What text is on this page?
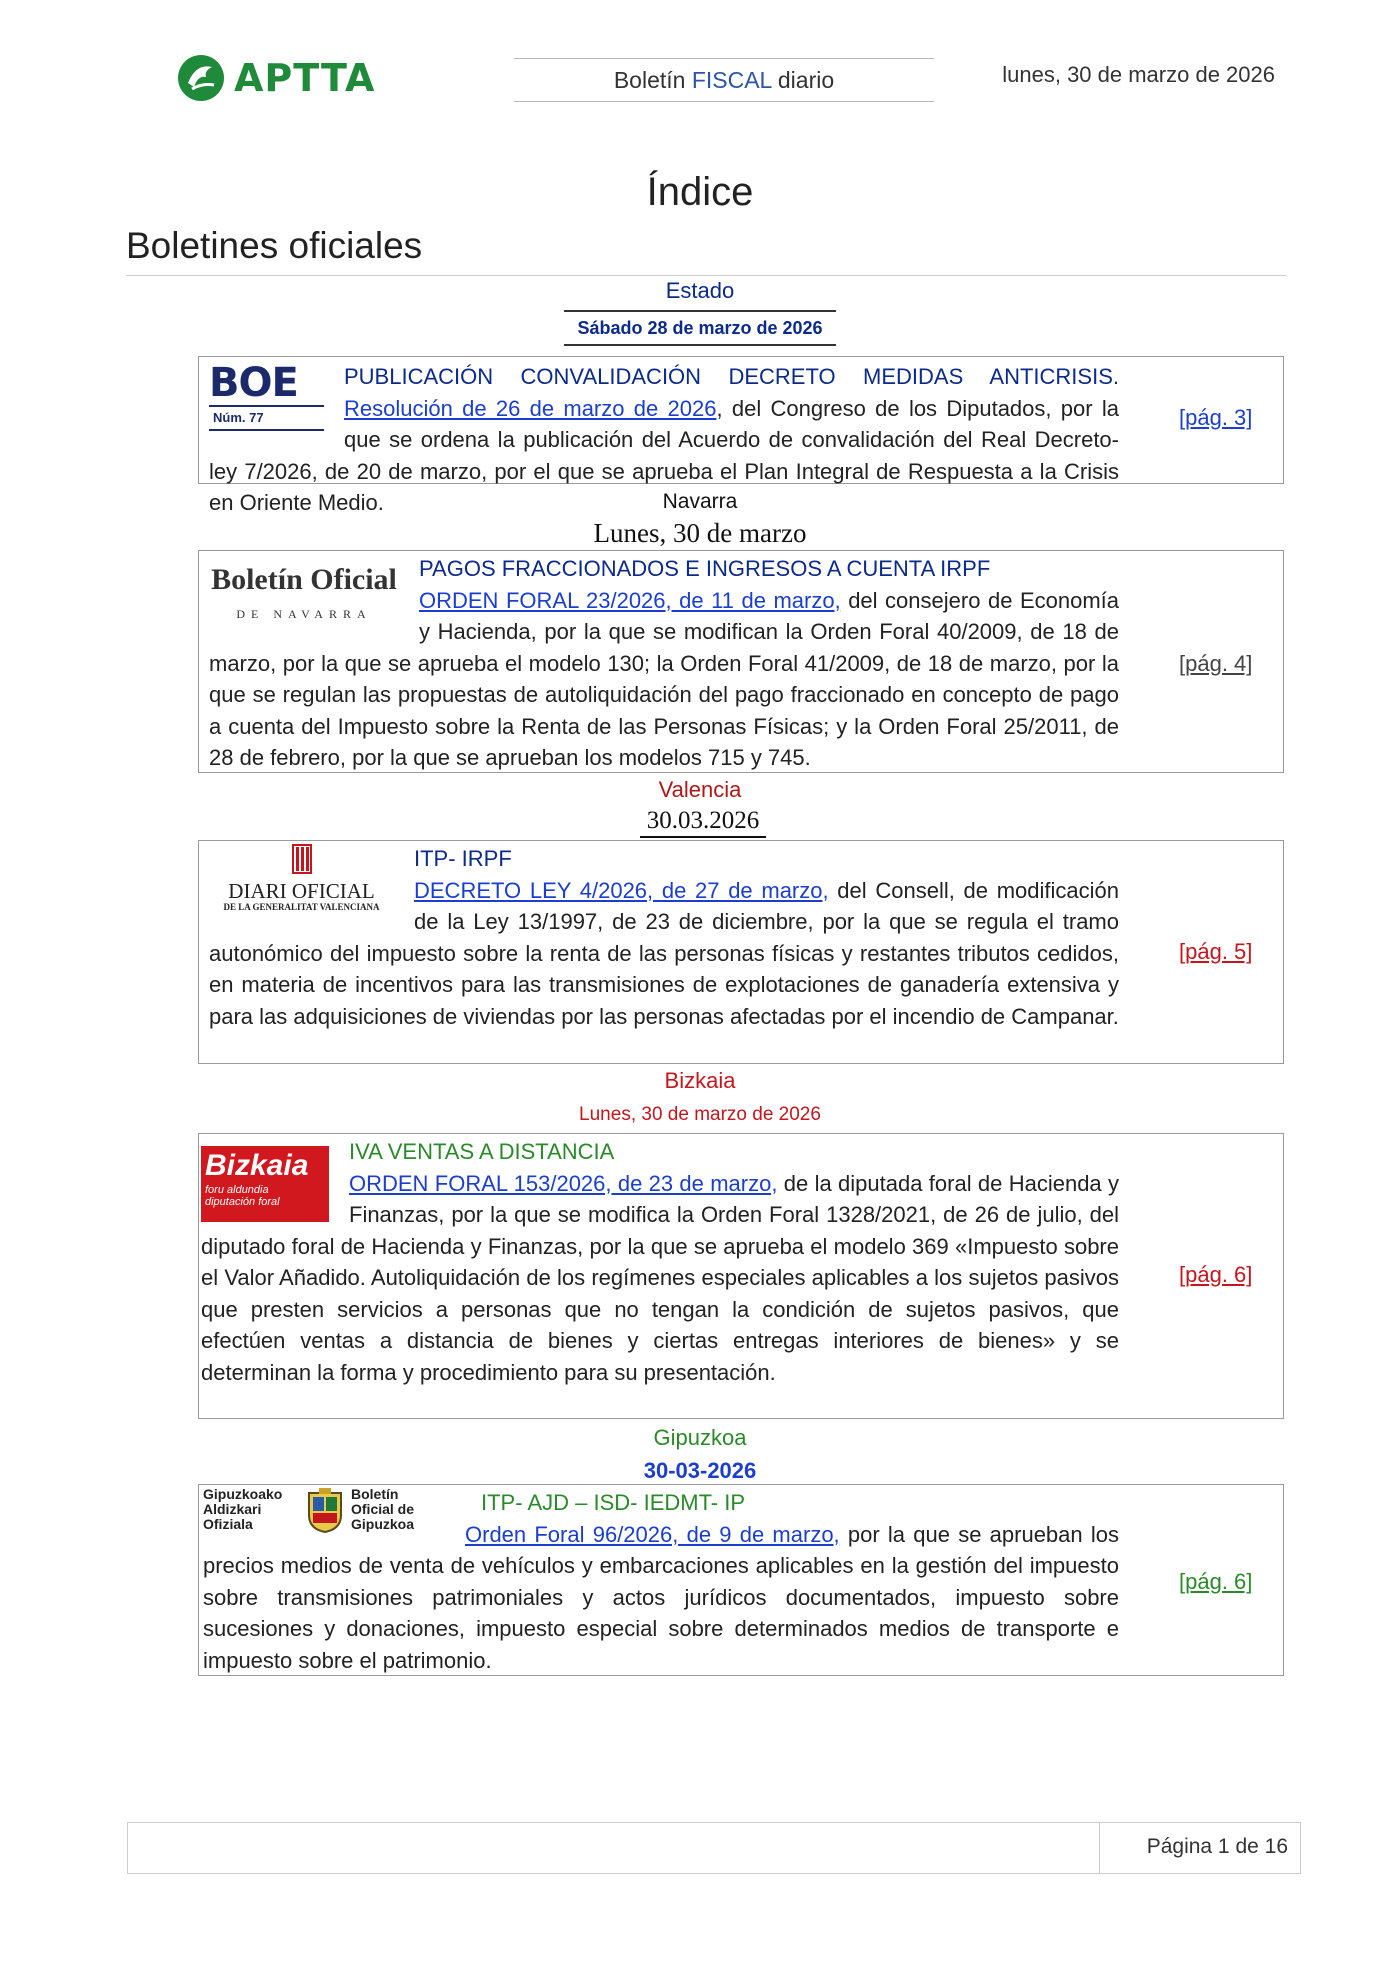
APTTA	Boletín FISCAL diario	lunes, 30 de marzo de 2026
Índice
Boletines oficiales
Estado
Sábado 28 de marzo de 2026
BOE
Núm. 77
PUBLICACIÓN CONVALIDACIÓN DECRETO MEDIDAS ANTICRISIS. Resolución de 26 de marzo de 2026, del Congreso de los Diputados, por la que se ordena la publicación del Acuerdo de convalidación del Real Decreto-ley 7/2026, de 20 de marzo, por el que se aprueba el Plan Integral de Respuesta a la Crisis en Oriente Medio.
[pág. 3]
Navarra
Lunes, 30 de marzo
Boletín Oficial
DE NAVARRA
PAGOS FRACCIONADOS E INGRESOS A CUENTA IRPF
ORDEN FORAL 23/2026, de 11 de marzo, del consejero de Economía y Hacienda, por la que se modifican la Orden Foral 40/2009, de 18 de marzo, por la que se aprueba el modelo 130; la Orden Foral 41/2009, de 18 de marzo, por la que se regulan las propuestas de autoliquidación del pago fraccionado en concepto de pago a cuenta del Impuesto sobre la Renta de las Personas Físicas; y la Orden Foral 25/2011, de 28 de febrero, por la que se aprueban los modelos 715 y 745.
[pág. 4]
Valencia
30.03.2026
DIARI OFICIAL
DE LA GENERALITAT VALENCIANA
ITP- IRPF
DECRETO LEY 4/2026, de 27 de marzo, del Consell, de modificación de la Ley 13/1997, de 23 de diciembre, por la que se regula el tramo autonómico del impuesto sobre la renta de las personas físicas y restantes tributos cedidos, en materia de incentivos para las transmisiones de explotaciones de ganadería extensiva y para las adquisiciones de viviendas por las personas afectadas por el incendio de Campanar.
[pág. 5]
Bizkaia
Lunes, 30 de marzo de 2026
Bizkaia
foru aldundia
diputación foral
IVA VENTAS A DISTANCIA
ORDEN FORAL 153/2026, de 23 de marzo, de la diputada foral de Hacienda y Finanzas, por la que se modifica la Orden Foral 1328/2021, de 26 de julio, del diputado foral de Hacienda y Finanzas, por la que se aprueba el modelo 369 «Impuesto sobre el Valor Añadido. Autoliquidación de los regímenes especiales aplicables a los sujetos pasivos que presten servicios a personas que no tengan la condición de sujetos pasivos, que efectúen ventas a distancia de bienes y ciertas entregas interiores de bienes» y se determinan la forma y procedimiento para su presentación.
[pág. 6]
Gipuzkoa
30-03-2026
Gipuzkoako
Aldizkari
Ofiziala
Boletín
Oficial de
Gipuzkoa
ITP- AJD – ISD- IEDMT- IP
Orden Foral 96/2026, de 9 de marzo, por la que se aprueban los precios medios de venta de vehículos y embarcaciones aplicables en la gestión del impuesto sobre transmisiones patrimoniales y actos jurídicos documentados, impuesto sobre sucesiones y donaciones, impuesto especial sobre determinados medios de transporte e impuesto sobre el patrimonio.
[pág. 6]
Página 1 de 16
